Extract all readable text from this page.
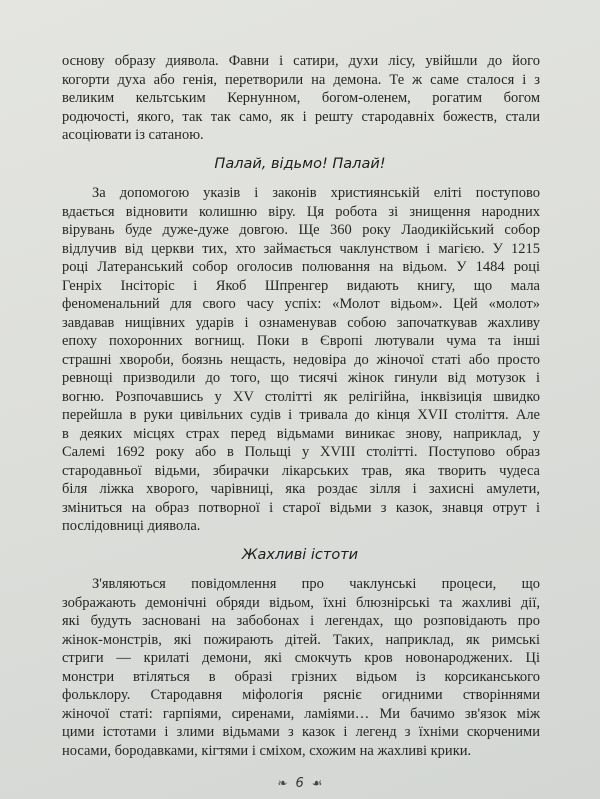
основу образу диявола. Фавни і сатири, духи лісу, увійшли до його
когорти духа або генія, перетворили на демона. Те ж саме сталося і з
великим кельтським Кернунном, богом-оленем, рогатим богом
родючості, якого, так так само, як і решту стародавніх божеств, стали
асоціювати із сатаною.
За допомогою указів і законів християнській еліті поступово
вдається відновити колишню віру. Ця робота зі знищення народних
вірувань буде дуже-дуже довгою. Ще 360 року Лаодикійський собор
відлучив від церкви тих, хто займається чаклунством і магією. У 1215
році Латеранський собор оголосив полювання на відьом. У 1484 році
Генріх Інсіторіс і Якоб Шпренгер видають книгу, що мала
феноменальний для свого часу успіх: «Молот відьом». Цей «молот»
завдавав нищівних ударів і ознаменував собою започаткував жахливу
епоху похоронних вогнищ. Поки в Європі лютували чума та інші
страшні хвороби, боязнь нещасть, недовіра до жіночої статі або просто
ревнощі призводили до того, що тисячі жінок гинули від мотузок і
вогню. Розпочавшись у XV столітті як релігійна, інквізиція швидко
перейшла в руки цивільних судів і тривала до кінця XVII століття. Але
в деяких місцях страх перед відьмами виникає знову, наприклад, у
Салемі 1692 року або в Польщі у XVIII столітті. Поступово образ
стародавньої відьми, збирачки лікарських трав, яка творить чудеса
біля ліжка хворого, чарівниці, яка роздає зілля і захисні амулети,
зміниться на образ потворної і старої відьми з казок, знавця отрут і
послідовниці диявола.
З'являються повідомлення про чаклунські процеси, що
зображають демонічні обряди відьом, їхні блюзнірські та жахливі дії,
які будуть засновані на забобонах і легендах, що розповідають про
жінок-монстрів, які пожирають дітей. Таких, наприклад, як римські
стриги — крилаті демони, які смокчуть кров новонароджених. Ці
монстри втіляться в образі грізних відьом із корсиканського
фольклору. Стародавня міфологія рясніє огидними створіннями
жіночої статі: гарпіями, сиренами, ламіями… Ми бачимо зв'язок між
цими істотами і злими відьмами з казок і легенд з їхніми скорченими
носами, бородавками, кігтями і сміхом, схожим на жахливі крики.
Палай, відьмо! Палай!
Жахливі істоти
❧ 6 ☙
